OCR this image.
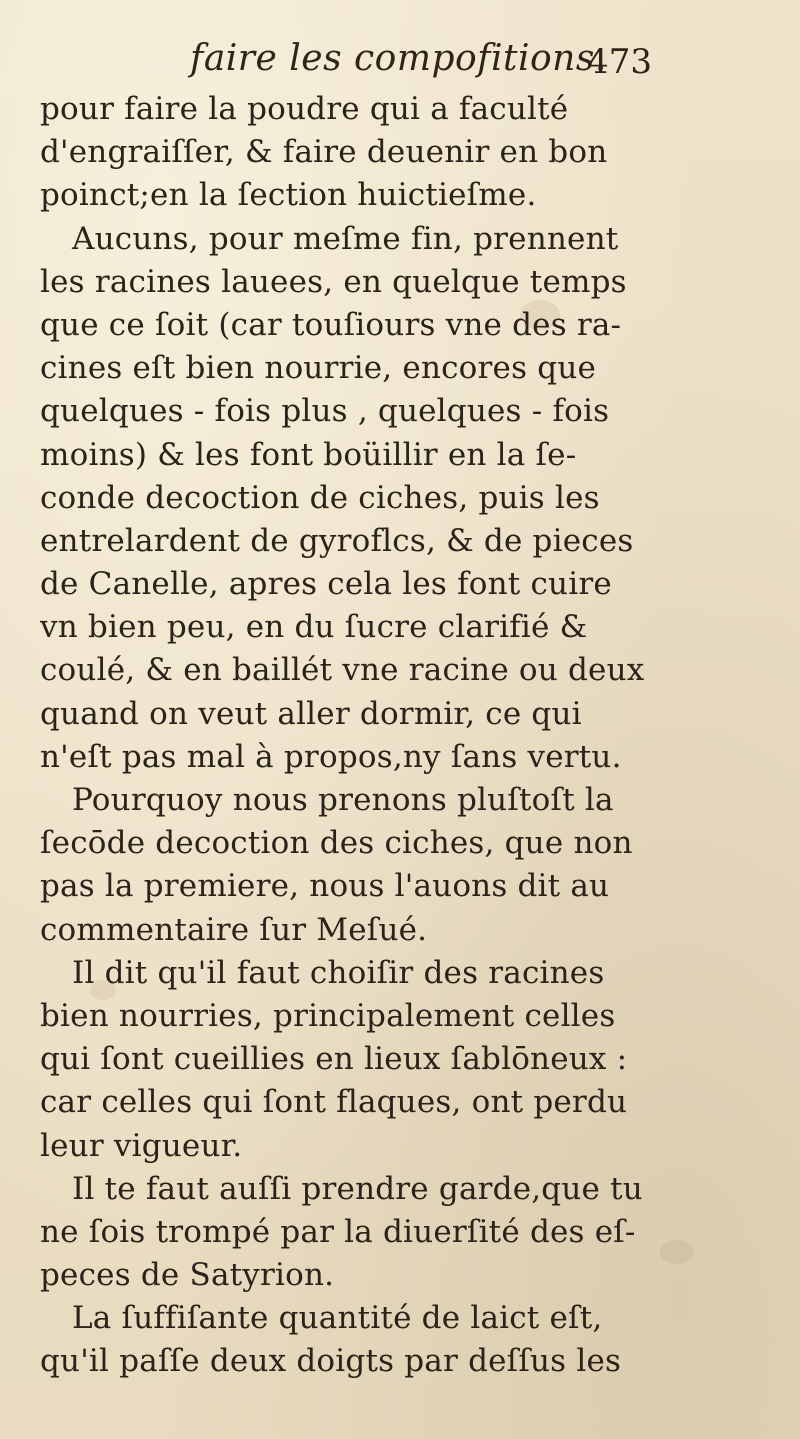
faire les compofitions.
473
pour faire la poudre qui a faculté
d'engraiſſer, & faire deuenir en bon
poinct;en la ſection huictieſme.
Aucuns, pour meſme fin, prennent
les racines lauees, en quelque temps
que ce ſoit (car touſiours vne des ra-
cines eſt bien nourrie, encores que
quelques - fois plus , quelques - fois
moins) & les font boüillir en la ſe-
conde decoction de ciches, puis les
entrelardent de gyroflcs, & de pieces
de Canelle, apres cela les font cuire
vn bien peu, en du ſucre clarifié &
coulé, & en baillét vne racine ou deux
quand on veut aller dormir, ce qui
n'eſt pas mal à propos,ny ſans vertu.
Pourquoy nous prenons pluſtoſt la
ſecōde decoction des ciches, que non
pas la premiere, nous l'auons dit au
commentaire ſur Meſué.
Il dit qu'il faut choiſir des racines
bien nourries, principalement celles
qui ſont cueillies en lieux ſablōneux :
car celles qui ſont flaques, ont perdu
leur vigueur.
Il te faut auſſi prendre garde,que tu
ne ſois trompé par la diuerſité des eſ-
peces de Satyrion.
La ſuffiſante quantité de laict eſt,
qu'il paſſe deux doigts par deſſus les
